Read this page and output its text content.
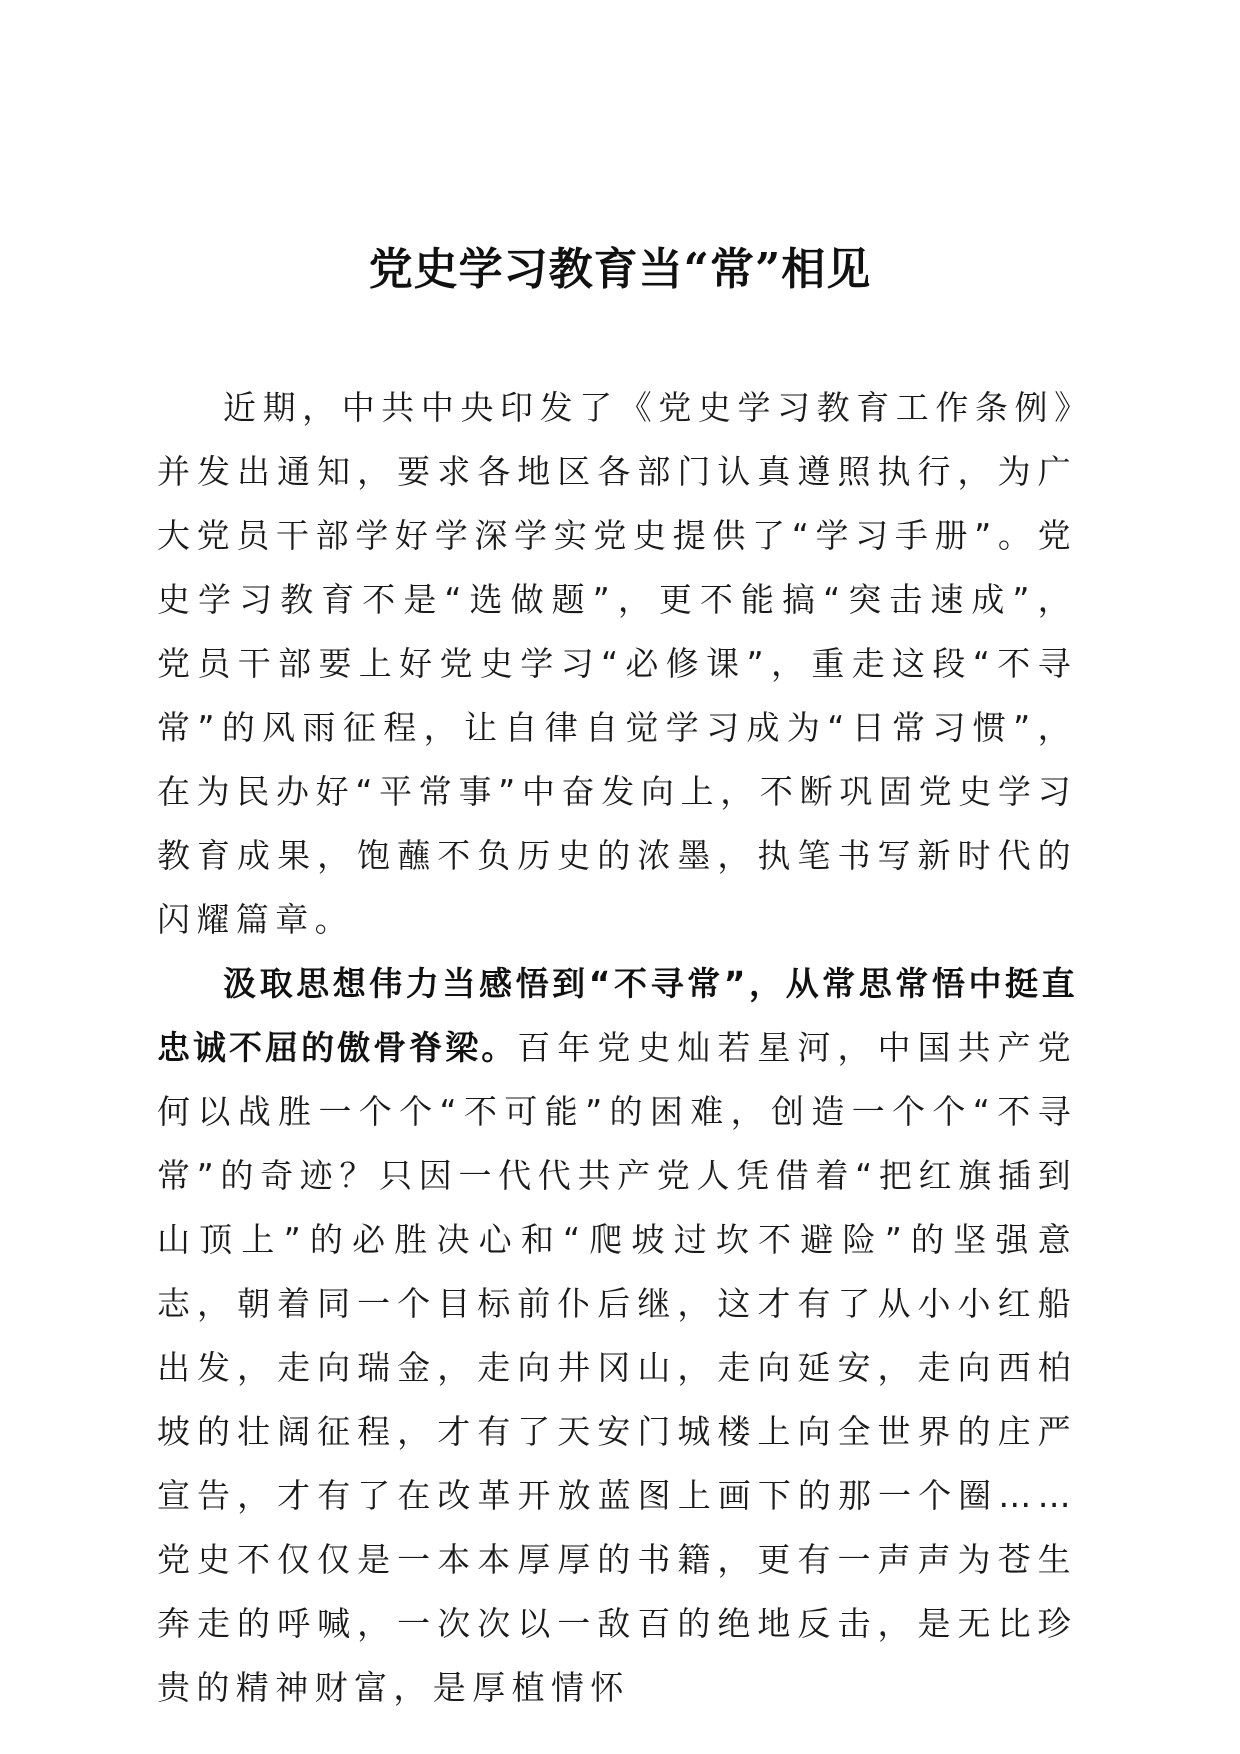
党史学习教育当“常”相见

近期，中共中央印发了《党史学习教育工作条例》并发出通知，要求各地区各部门认真遵照执行，为广大党员干部学好学深学实党史提供了“学习手册”。党史学习教育不是“选做题”，更不能搞“突击速成”，党员干部要上好党史学习“必修课”，重走这段“不寻常”的风雨征程，让自律自觉学习成为“日常习惯”，在为民办好“平常事”中奋发向上，不断巩固党史学习教育成果，饱蘸不负历史的浓墨，执笔书写新时代的闪耀篇章。

汲取思想伟力当感悟到“不寻常”，从常思常悟中挺直忠诚不屈的傲骨脊梁。百年党史灿若星河，中国共产党何以战胜一个个“不可能”的困难，创造一个个“不寻常”的奇迹？只因一代代共产党人凭借着“把红旗插到山顶上”的必胜决心和“爬坡过坎不避险”的坚强意志，朝着同一个目标前仆后继，这才有了从小小红船出发，走向瑞金，走向井冈山，走向延安，走向西柏坡的壮阔征程，才有了天安门城楼上向全世界的庄严宣告，才有了在改革开放蓝图上画下的那一个圈……党史不仅仅是一本本厚厚的书籍，更有一声声为苍生奔走的呼喊，一次次以一敌百的绝地反击，是无比珍贵的精神财富，是厚植情怀
